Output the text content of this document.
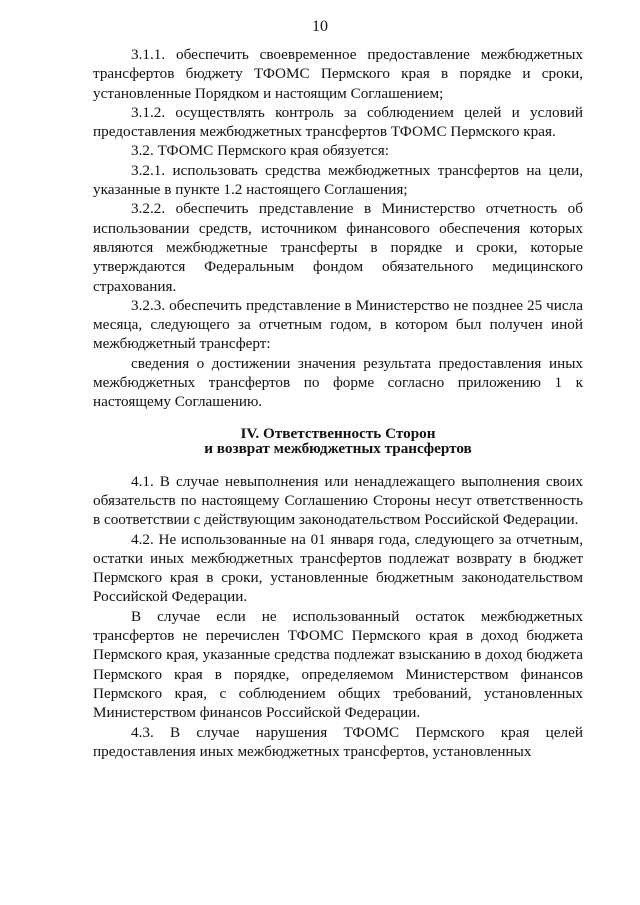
10

3.1.1. обеспечить своевременное предоставление межбюджетных трансфертов бюджету ТФОМС Пермского края в порядке и сроки, установленные Порядком и настоящим Соглашением;

3.1.2. осуществлять контроль за соблюдением целей и условий предоставления межбюджетных трансфертов ТФОМС Пермского края.

3.2. ТФОМС Пермского края обязуется:

3.2.1. использовать средства межбюджетных трансфертов на цели, указанные в пункте 1.2 настоящего Соглашения;

3.2.2. обеспечить представление в Министерство отчетность об использовании средств, источником финансового обеспечения которых являются межбюджетные трансферты в порядке и сроки, которые утверждаются Федеральным фондом обязательного медицинского страхования.

3.2.3. обеспечить представление в Министерство не позднее 25 числа месяца, следующего за отчетным годом, в котором был получен иной межбюджетный трансферт:

сведения о достижении значения результата предоставления иных межбюджетных трансфертов по форме согласно приложению 1 к настоящему Соглашению.

IV. Ответственность Сторон
и возврат межбюджетных трансфертов

4.1. В случае невыполнения или ненадлежащего выполнения своих обязательств по настоящему Соглашению Стороны несут ответственность в соответствии с действующим законодательством Российской Федерации.

4.2. Не использованные на 01 января года, следующего за отчетным, остатки иных межбюджетных трансфертов подлежат возврату в бюджет Пермского края в сроки, установленные бюджетным законодательством Российской Федерации.

В случае если не использованный остаток межбюджетных трансфертов не перечислен ТФОМС Пермского края в доход бюджета Пермского края, указанные средства подлежат взысканию в доход бюджета Пермского края в порядке, определяемом Министерством финансов Пермского края, с соблюдением общих требований, установленных Министерством финансов Российской Федерации.

4.3. В случае нарушения ТФОМС Пермского края целей предоставления иных межбюджетных трансфертов, установленных
